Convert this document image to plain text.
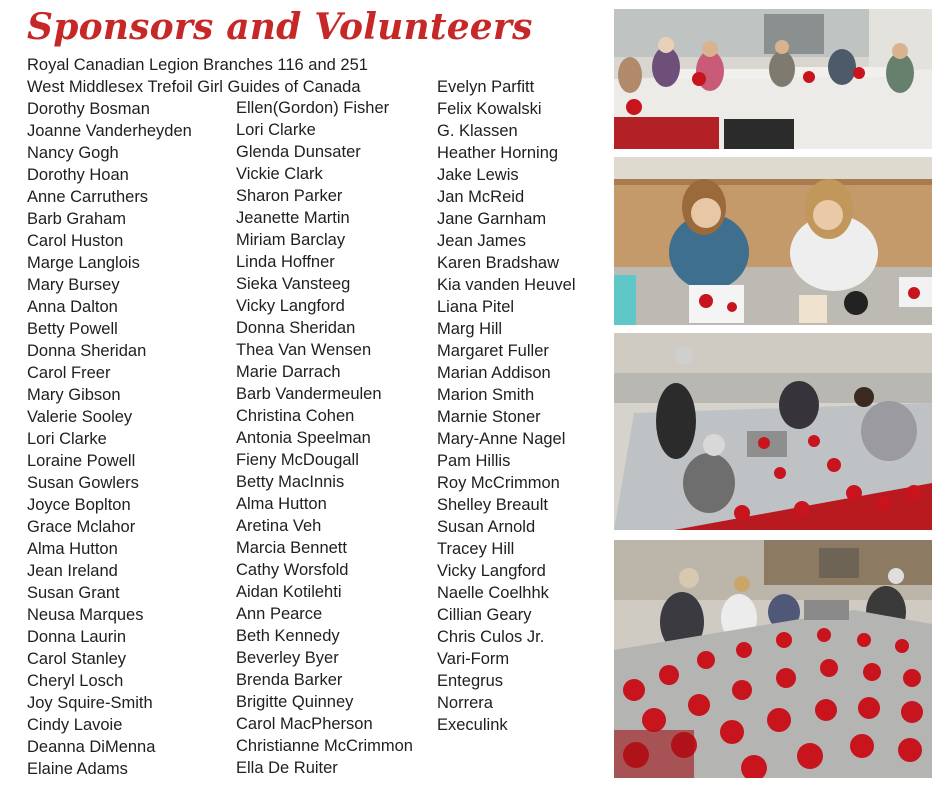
Sponsors and Volunteers
Royal Canadian Legion Branches 116 and 251
West Middlesex Trefoil Girl Guides of Canada
Dorothy Bosman
Joanne Vanderheyden
Nancy Gogh
Dorothy Hoan
Anne Carruthers
Barb Graham
Carol Huston
Marge Langlois
Mary Bursey
Anna Dalton
Betty Powell
Donna Sheridan
Carol Freer
Mary Gibson
Valerie Sooley
Lori Clarke
Loraine Powell
Susan Gowlers
Joyce Boplton
Grace Mclahor
Alma Hutton
Jean Ireland
Susan Grant
Neusa Marques
Donna Laurin
Carol Stanley
Cheryl Losch
Joy Squire-Smith
Cindy Lavoie
Deanna DiMenna
Elaine Adams
Ellen(Gordon) Fisher
Lori Clarke
Glenda Dunsater
Vickie Clark
Sharon Parker
Jeanette Martin
Miriam Barclay
Linda Hoffner
Sieka Vansteeg
Vicky Langford
Donna Sheridan
Thea Van Wensen
Marie Darrach
Barb Vandermeulen
Christina Cohen
Antonia Speelman
Fieny McDougall
Betty MacInnis
Alma Hutton
Aretina Veh
Marcia Bennett
Cathy Worsfold
Aidan Kotilehti
Ann Pearce
Beth Kennedy
Beverley Byer
Brenda Barker
Brigitte Quinney
Carol MacPherson
Christianne McCrimmon
Ella De Ruiter
Evelyn Parfitt
Felix Kowalski
G. Klassen
Heather Horning
Jake Lewis
Jan McReid
Jane Garnham
Jean James
Karen Bradshaw
Kia vanden Heuvel
Liana Pitel
Marg Hill
Margaret Fuller
Marian Addison
Marion Smith
Marnie Stoner
Mary-Anne Nagel
Pam Hillis
Roy McCrimmon
Shelley Breault
Susan Arnold
Tracey Hill
Vicky Langford
Naelle Coelhhk
Cillian Geary
Chris Culos Jr.
Vari-Form
Entegrus
Norrera
Execulink
